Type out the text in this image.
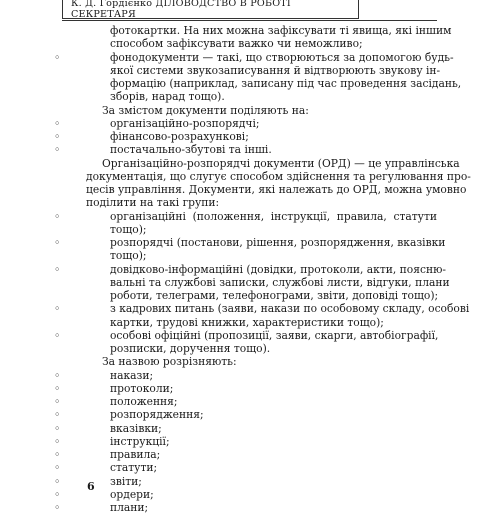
К. Д. Гордієнко ДІЛОВОДСТВО В РОБОТІ СЕКРЕТАРЯ
фотокартки. На них можна зафіксувати ті явища, які іншим
способом зафіксувати важко чи неможливо;
◦	фонодокументи — такі, що створюються за допомогою будь-
якої системи звукозаписування й відтворюють звукову ін-
формацію (наприклад, записану під час проведення засідань,
зборів, нарад тощо).
За змістом документи поділяють на:
◦	організаційно-розпорядчі;
◦	фінансово-розрахункові;
◦	постачально-збутові та інші.
Організаційно-розпорядчі документи (ОРД) — це управлінська
документація, що слугує способом здійснення та регулювання про-
цесів управління. Документи, які належать до ОРД, можна умовно
поділити на такі групи:
◦	організаційні (положення, інструкції, правила, статути
тощо);
◦	розпорядчі (постанови, рішення, розпорядження, вказівки
тощо);
◦	довідково-інформаційні (довідки, протоколи, акти, поясню-
вальні та службові записки, службові листи, відгуки, плани
роботи, телеграми, телефонограми, звіти, доповіді тощо);
◦	з кадрових питань (заяви, накази по особовому складу, особові
картки, трудові книжки, характеристики тощо);
◦	особові офіційні (пропозиції, заяви, скарги, автобіографії,
розписки, доручення тощо).
За назвою розрізняють:
◦	накази;
◦	протоколи;
◦	положення;
◦	розпорядження;
◦	вказівки;
◦	інструкції;
◦	правила;
◦	статути;
◦	звіти;
◦	ордери;
◦	плани;
6
